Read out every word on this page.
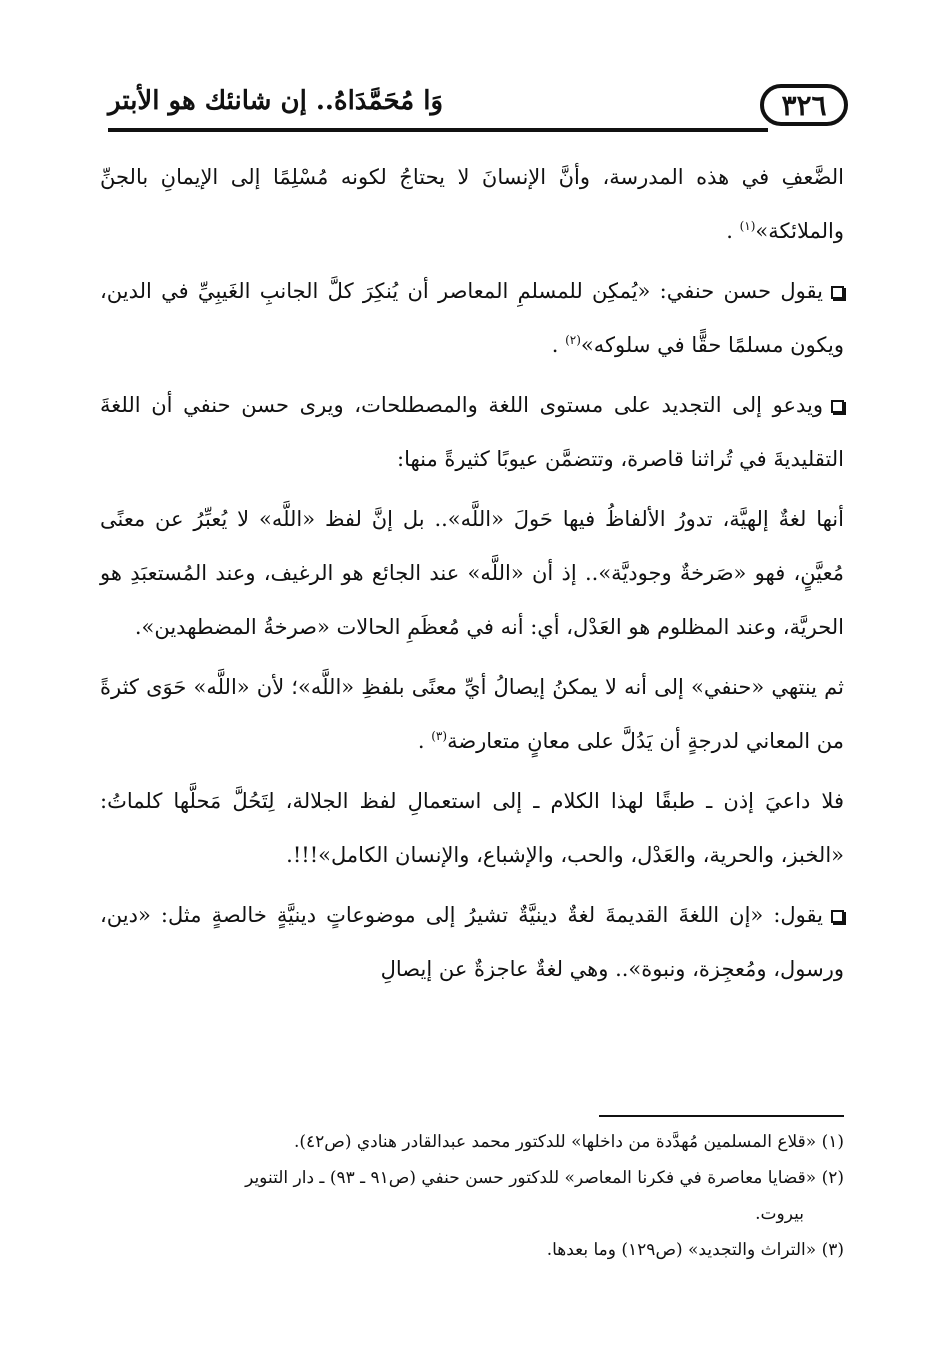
٣٢٦
وَا مُحَمَّدَاهُ.. إن شانئك هو الأبتر

الضَّعفِ في هذه المدرسة، وأنَّ الإنسانَ لا يحتاجُ لكونه مُسْلِمًا إلى الإيمانِ بالجنِّ والملائكة»$^{(١)}$ .

يقول حسن حنفي: «يُمكِن للمسلمِ المعاصر أن يُنكِرَ كلَّ الجانبِ الغَيبِيِّ في الدين، ويكون مسلمًا حقًّا في سلوكه»$^{(٢)}$ .

ويدعو إلى التجديد على مستوى اللغة والمصطلحات، ويرى حسن حنفي أن اللغةَ التقليديةَ في تُراثنا قاصرة، وتتضمَّن عيوبًا كثيرةً منها:

أنها لغةٌ إلهيَّة، تدورُ الألفاظُ فيها حَولَ «اللَّه».. بل إنَّ لفظ «اللَّه» لا يُعبِّرُ عن معنًى مُعيَّنٍ، فهو «صَرخةٌ وجوديَّة».. إذ أن «اللَّه» عند الجائع هو الرغيف، وعند المُستعبَدِ هو الحريَّة، وعند المظلوم هو العَدْل، أي: أنه في مُعظَمِ الحالات «صرخةُ المضطهدين».

ثم ينتهي «حنفي» إلى أنه لا يمكنُ إيصالُ أيِّ معنًى بلفظِ «اللَّه»؛ لأن «اللَّه» حَوَى كثرةً من المعاني لدرجةٍ أن يَدُلَّ على معانٍ متعارضة$^{(٣)}$ .

فلا داعيَ إذن ـ طبقًا لهذا الكلام ـ إلى استعمالِ لفظ الجلالة، لِتَحُلَّ مَحلَّها كلماتُ: «الخبز، والحرية، والعَدْل، والحب، والإشباع، والإنسان الكامل»!!!.

يقول: «إن اللغةَ القديمةَ لغةٌ دينيَّةٌ تشيرُ إلى موضوعاتٍ دينيَّةٍ خالصةٍ مثل: «دين، ورسول، ومُعجِزة، ونبوة».. وهي لغةٌ عاجزةٌ عن إيصالِ

(١) «قلاع المسلمين مُهدَّدة من داخلها» للدكتور محمد عبدالقادر هنادي (ص٤٢).

(٢) «قضايا معاصرة في فكرنا المعاصر» للدكتور حسن حنفي (ص٩١ ـ ٩٣) ـ دار التنوير
بيروت.

(٣) «التراث والتجديد» (ص١٢٩) وما بعدها.
